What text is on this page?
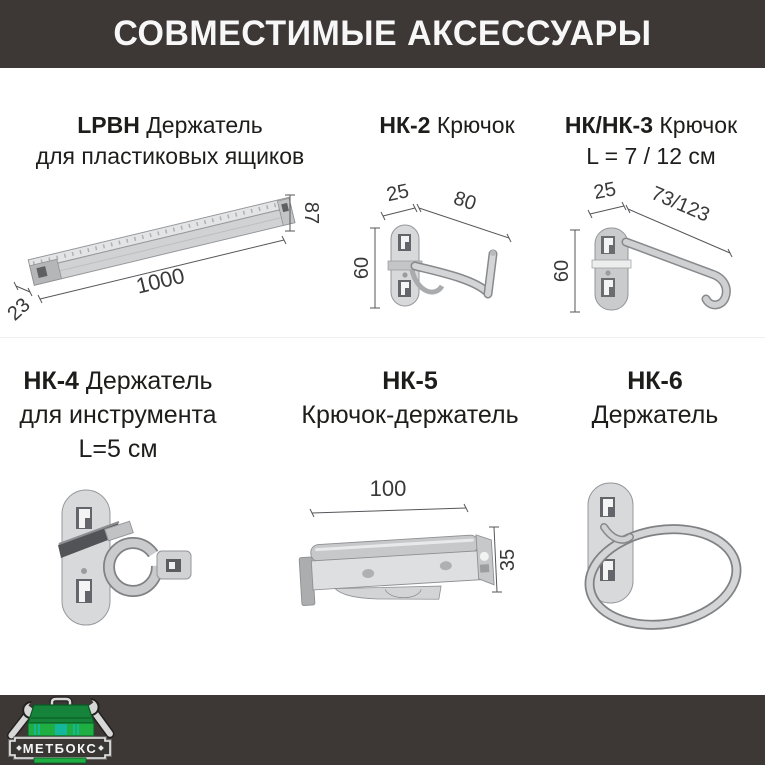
СОВМЕСТИМЫЕ АКСЕССУАРЫ
LPBH Держатель
для пластиковых ящиков
НК-2 Крючок	НК/НК-3 Крючок
L = 7 / 12 см
1000
23
87
25 80
60
25 73/123
60
НК-4 Держатель
для инструмента
L=5 см
НК-5
Крючок-держатель
НК-6
Держатель
100
35
МЕТБОКС
